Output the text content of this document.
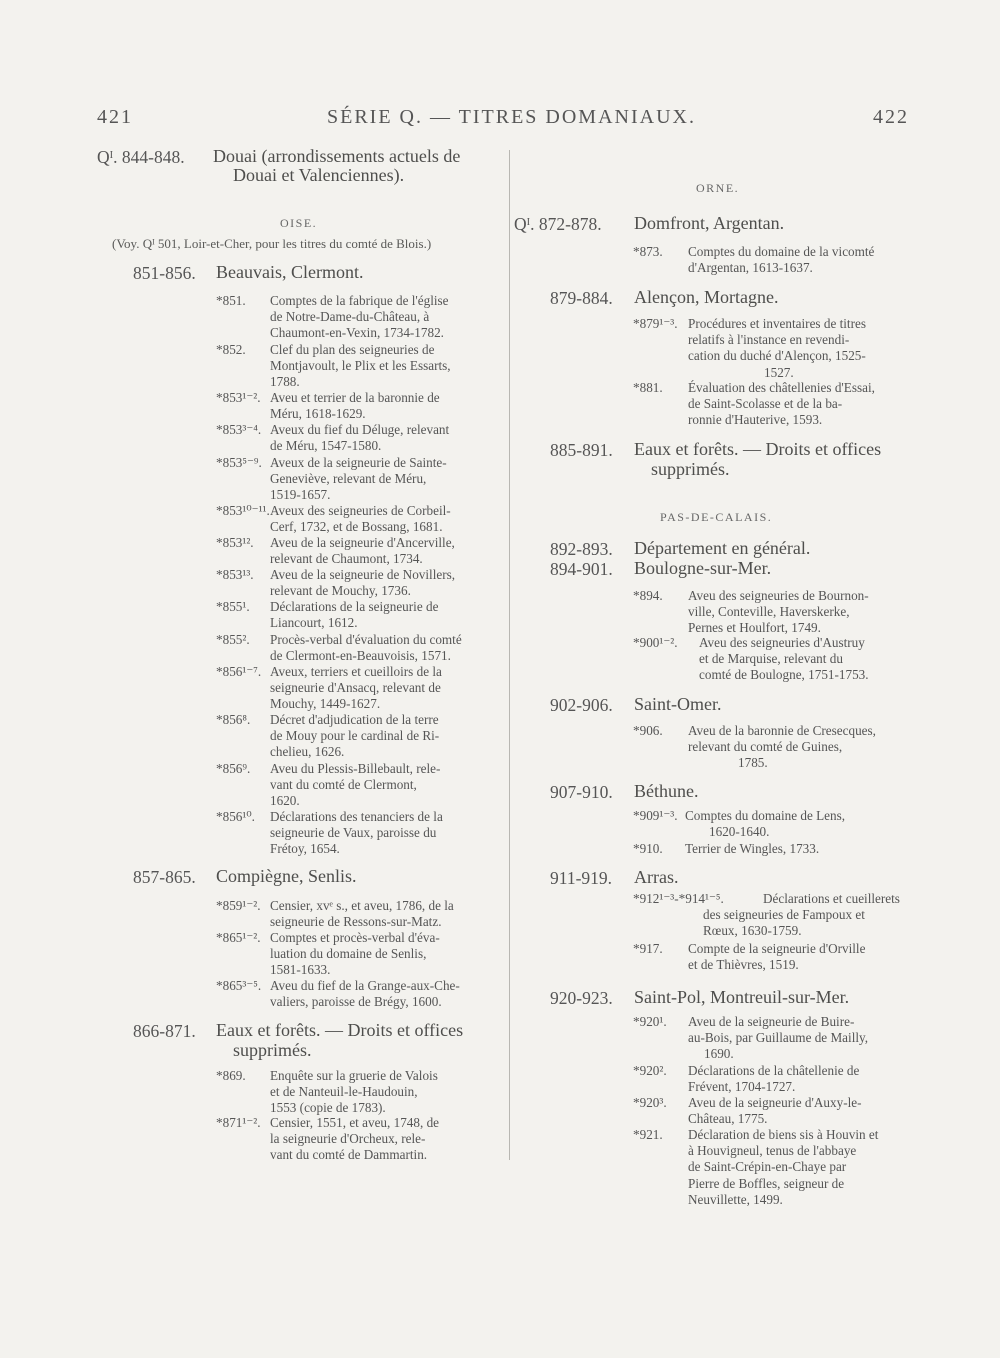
421	SÉRIE Q. — TITRES DOMANIAUX.	422
Qᴵ. 844-848. Douai (arrondissements actuels de
Douai et Valenciennes).
OISE.
(Voy. Qᴵ 501, Loir-et-Cher, pour les titres du comté de Blois.)
851-856. Beauvais, Clermont.
*851. Comptes de la fabrique de l'église
de Notre-Dame-du-Château, à
Chaumont-en-Vexin, 1734-1782.
*852. Clef du plan des seigneuries de
Montjavoult, le Plix et les Essarts,
1788.
*853¹⁻². Aveu et terrier de la baronnie de
Méru, 1618-1629.
*853³⁻⁴. Aveux du fief du Déluge, relevant
de Méru, 1547-1580.
*853⁵⁻⁹. Aveux de la seigneurie de Sainte-
Geneviève, relevant de Méru,
1519-1657.
*853¹⁰⁻¹¹. Aveux des seigneuries de Corbeil-
Cerf, 1732, et de Bossang, 1681.
*853¹². Aveu de la seigneurie d'Ancerville,
relevant de Chaumont, 1734.
*853¹³. Aveu de la seigneurie de Novillers,
relevant de Mouchy, 1736.
*855¹. Déclarations de la seigneurie de
Liancourt, 1612.
*855². Procès-verbal d'évaluation du comté
de Clermont-en-Beauvoisis, 1571.
*856¹⁻⁷. Aveux, terriers et cueilloirs de la
seigneurie d'Ansacq, relevant de
Mouchy, 1449-1627.
*856⁸. Décret d'adjudication de la terre
de Mouy pour le cardinal de Ri-
chelieu, 1626.
*856⁹. Aveu du Plessis-Billebault, rele-
vant du comté de Clermont,
1620.
*856¹⁰. Déclarations des tenanciers de la
seigneurie de Vaux, paroisse du
Frétoy, 1654.
857-865. Compiègne, Senlis.
*859¹⁻². Censier, xvᵉ s., et aveu, 1786, de la
seigneurie de Ressons-sur-Matz.
*865¹⁻². Comptes et procès-verbal d'éva-
luation du domaine de Senlis,
1581-1633.
*865³⁻⁵. Aveu du fief de la Grange-aux-Che-
valiers, paroisse de Brégy, 1600.
866-871. Eaux et forêts. — Droits et offices
supprimés.
*869. Enquête sur la gruerie de Valois
et de Nanteuil-le-Haudouin,
1553 (copie de 1783).
*871¹⁻². Censier, 1551, et aveu, 1748, de
la seigneurie d'Orcheux, rele-
vant du comté de Dammartin.
ORNE.
Qᴵ. 872-878. Domfront, Argentan.
*873. Comptes du domaine de la vicomté
d'Argentan, 1613-1637.
879-884. Alençon, Mortagne.
*879¹⁻³. Procédures et inventaires de titres
relatifs à l'instance en revendi-
cation du duché d'Alençon, 1525-
1527.
*881. Évaluation des châtellenies d'Essai,
de Saint-Scolasse et de la ba-
ronnie d'Hauterive, 1593.
885-891. Eaux et forêts. — Droits et offices
supprimés.
PAS-DE-CALAIS.
892-893. Département en général.
894-901. Boulogne-sur-Mer.
*894. Aveu des seigneuries de Bournon-
ville, Conteville, Haverskerke,
Pernes et Houlfort, 1749.
*900¹⁻². Aveu des seigneuries d'Austruy
et de Marquise, relevant du
comté de Boulogne, 1751-1753.
902-906. Saint-Omer.
*906. Aveu de la baronnie de Cresecques,
relevant du comté de Guines,
1785.
907-910. Béthune.
*909¹⁻³. Comptes du domaine de Lens,
1620-1640.
*910. Terrier de Wingles, 1733.
911-919. Arras.
*912¹⁻³-*914¹⁻⁵.	Déclarations et cueillerets
des seigneuries de Fampoux et
Rœux, 1630-1759.
*917. Compte de la seigneurie d'Orville
et de Thièvres, 1519.
920-923. Saint-Pol, Montreuil-sur-Mer.
*920¹. Aveu de la seigneurie de Buire-
au-Bois, par Guillaume de Mailly,
1690.
*920². Déclarations de la châtellenie de
Frévent, 1704-1727.
*920³. Aveu de la seigneurie d'Auxy-le-
Château, 1775.
*921. Déclaration de biens sis à Houvin et
à Houvigneul, tenus de l'abbaye
de Saint-Crépin-en-Chaye par
Pierre de Boffles, seigneur de
Neuvillette, 1499.
